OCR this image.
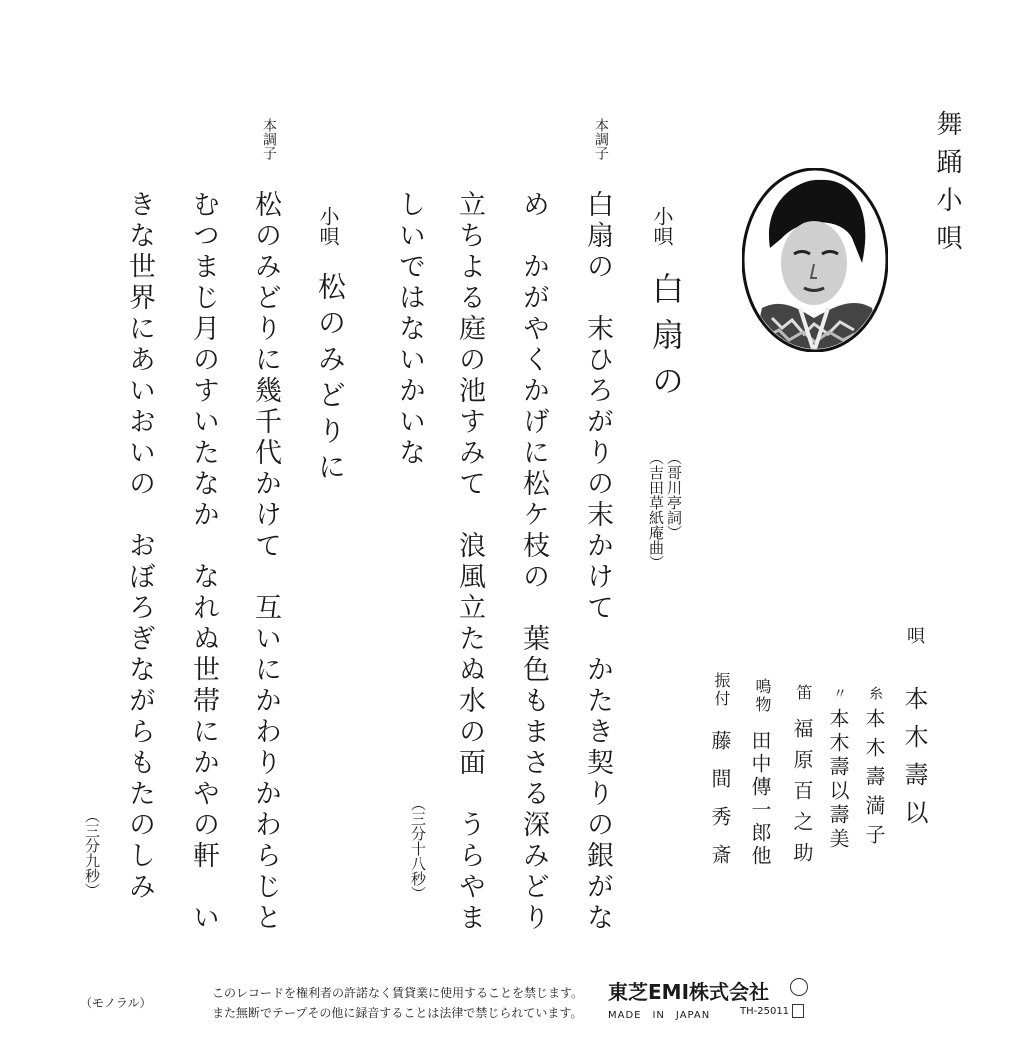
舞踊小唄
唄
本木壽以
糸
本木壽満子
〃
本木壽以壽美
笛
福原百之助
鳴物
田中傳一郎他
振付
藤間秀斎
小唄
白扇の
（哥川亭詞）
（吉田草紙庵曲）
本調子
白扇の　末ひろがりの末かけて　かたき契りの銀がな
め　かがやくかげに松ケ枝の　葉色もまさる深みどり
立ちよる庭の池すみて　浪風立たぬ水の面　うらやま
しいではないかいな
（三分十八秒）
小唄
松のみどりに
本調子
松のみどりに幾千代かけて　互いにかわりかわらじと
むつまじ月のすいたなか　なれぬ世帯にかやの軒　い
きな世界にあいおいの　おぼろぎながらもたのしみ
（三分九秒）
（モノラル）
このレコードを権利者の許諾なく賃貸業に使用することを禁じます。
また無断でテープその他に録音することは法律で禁じられています。
東芝EMI株式会社
MADE　IN　JAPAN	TH-25011
